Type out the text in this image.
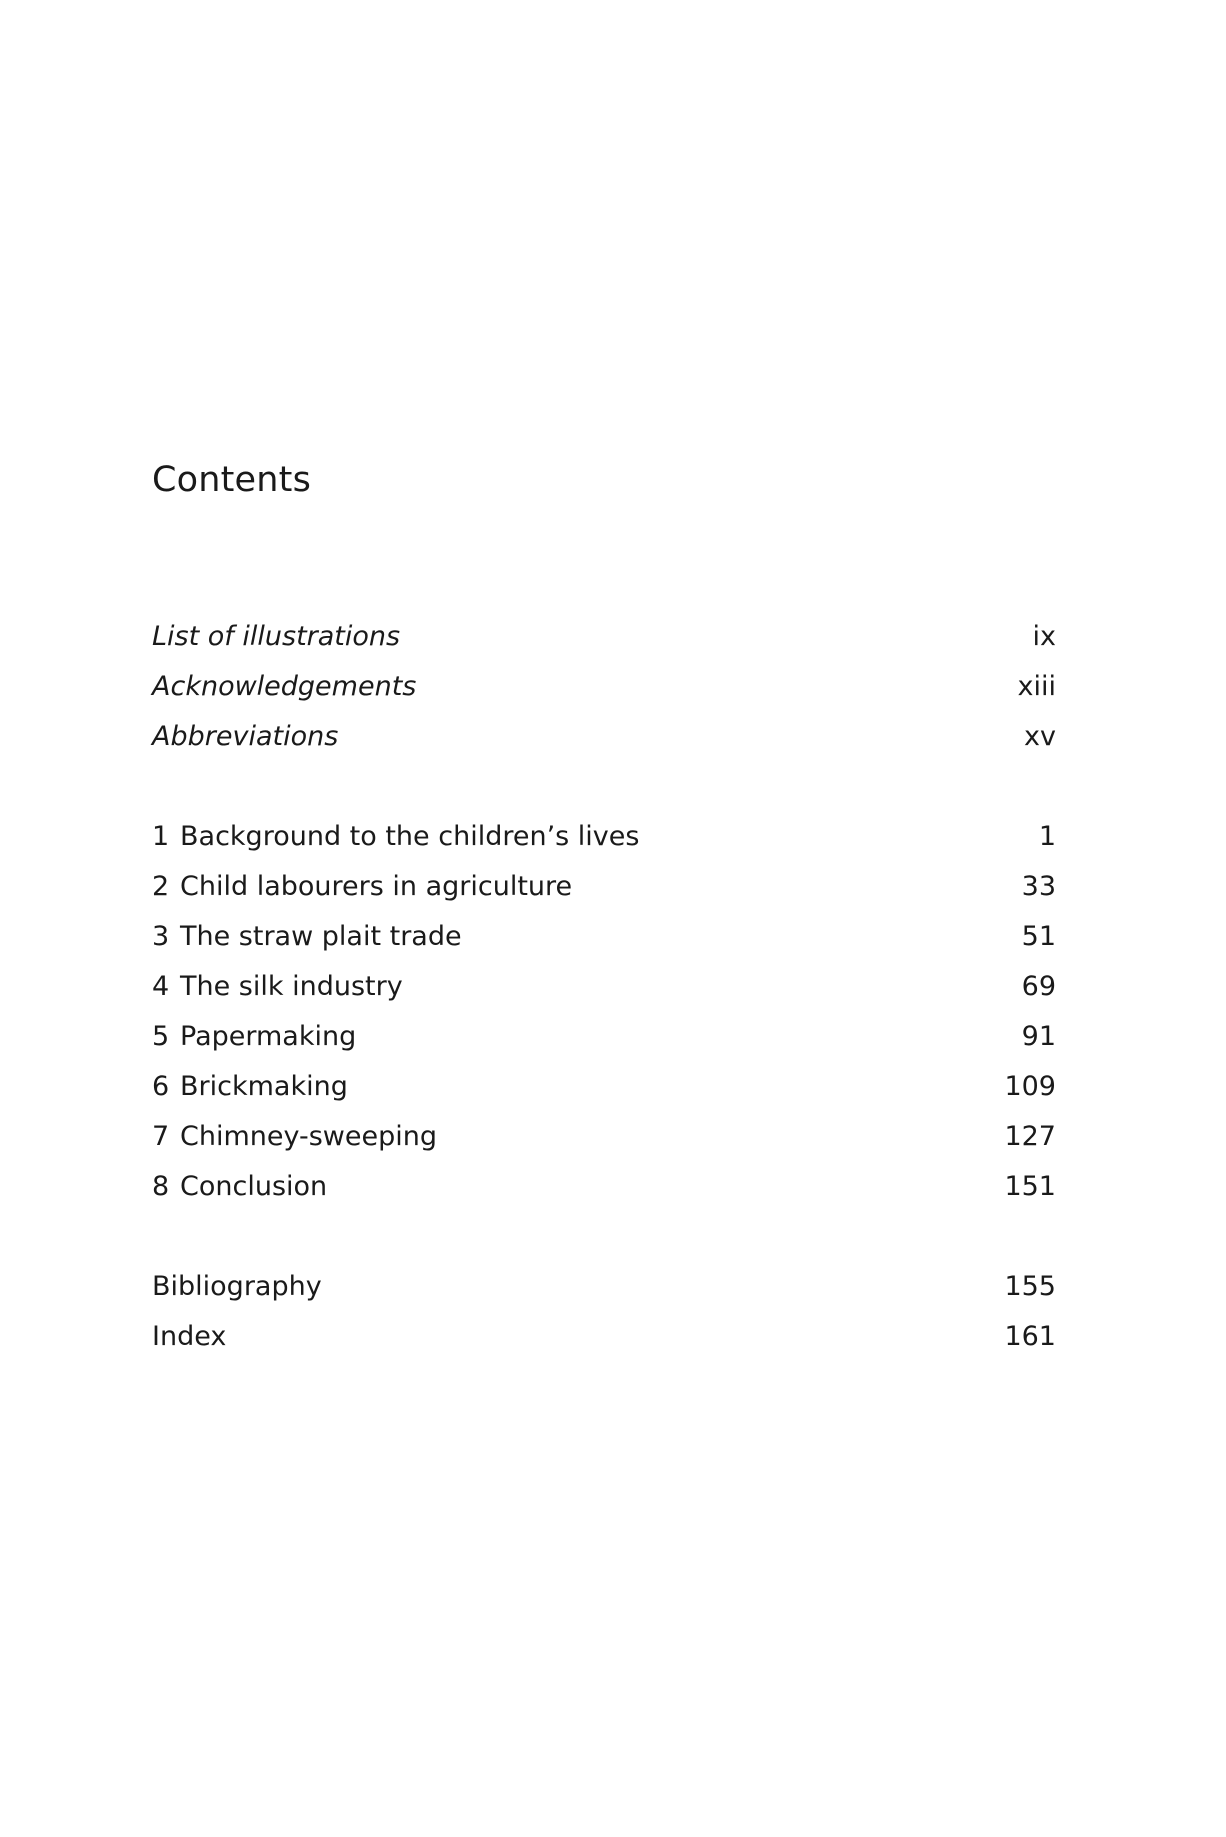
Contents
List of illustrations	ix
Acknowledgements	xiii
Abbreviations	xv
1 Background to the children’s lives	1
2 Child labourers in agriculture	33
3 The straw plait trade	51
4 The silk industry	69
5 Papermaking	91
6 Brickmaking	109
7 Chimney-sweeping	127
8 Conclusion	151
Bibliography	155
Index	161
